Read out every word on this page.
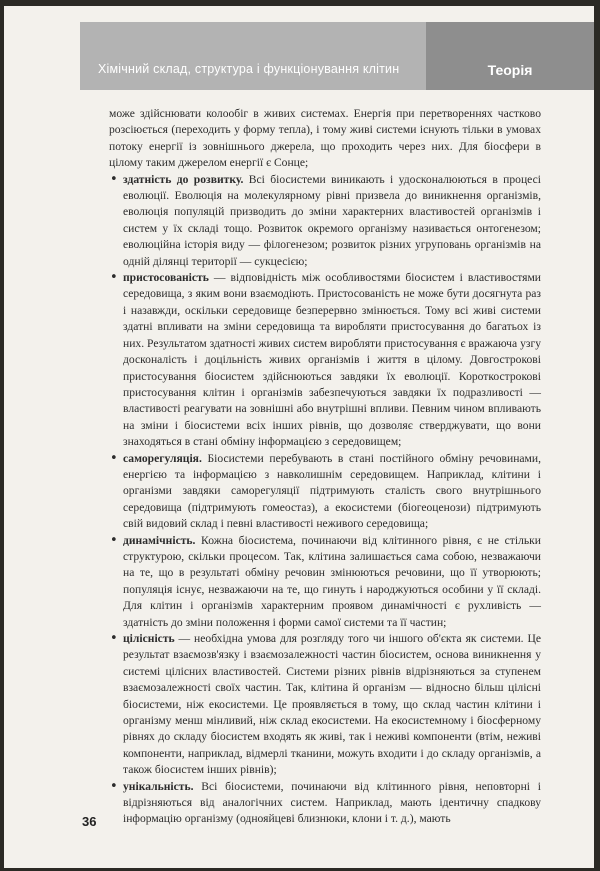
Хімічний склад, структура і функціонування клітин	Теорія

може здійснювати колообіг в живих системах. Енергія при перетвореннях частково розсіюється (переходить у форму тепла), і тому живі системи існують тільки в умовах потоку енергії із зовнішнього джерела, що проходить через них. Для біосфери в цілому таким джерелом енергії є Сонце;

• здатність до розвитку. Всі біосистеми виникають і удосконалюються в процесі еволюції. Еволюція на молекулярному рівні призвела до виникнення організмів, еволюція популяцій призводить до зміни характерних властивостей організмів і систем у їх складі тощо. Розвиток окремого організму називається онтогенезом; еволюційна історія виду — філогенезом; розвиток різних угруповань організмів на одній ділянці території — сукцесією;
• пристосованість — відповідність між особливостями біосистем і властивостями середовища, з яким вони взаємодіють. Пристосованість не може бути досягнута раз і назавжди, оскільки середовище безперервно змінюється. Тому всі живі системи здатні впливати на зміни середовища та виробляти пристосування до багатьох із них. Результатом здатності живих систем виробляти пристосування є вражаюча узгу досконалість і доцільність живих організмів і життя в цілому. Довгостроковi пристосування біосистем здійснюються завдяки їх еволюції. Короткострокові пристосування клітин і організмів забезпечуються завдяки їх подразливості — властивості реагувати на зовнішні або внутрішні впливи. Певним чином впливають на зміни і біосистеми всіх інших рівнів, що дозволяє стверджувати, що вони знаходяться в стані обміну інформацією з середовищем;
• саморегуляція. Біосистеми перебувають в стані постійного обміну речовинами, енергією та інформацією з навколишнім середовищем. Наприклад, клітини і організми завдяки саморегуляції підтримують сталість свого внутрішнього середовища (підтримують гомеостаз), а екосистеми (біогеоценози) підтримують свій видовий склад і певні властивості неживого середовища;
• динамічність. Кожна біосистема, починаючи від клітинного рівня, є не стільки структурою, скільки процесом. Так, клітина залишається сама собою, незважаючи на те, що в результаті обміну речовин змінюються речовини, що її утворюють; популяція існує, незважаючи на те, що гинуть і народжуються особини у її складі. Для клітин і організмів характерним проявом динамічності є рухливість — здатність до зміни положення і форми самої системи та її частин;
• цілісність — необхідна умова для розгляду того чи іншого об'єкта як системи. Це результат взаємозв'язку і взаємозалежності частин біосистем, основа виникнення у системі цілісних властивостей. Системи різних рівнів відрізняються за ступенем взаємозалежності своїх частин. Так, клітина й організм — відносно більш цілісні біосистеми, ніж екосистеми. Це проявляється в тому, що склад частин клітини і організму менш мінливий, ніж склад екосистеми. На екосистемному і біосферному рівнях до складу біосистем входять як живі, так і неживі компоненти (втім, неживі компоненти, наприклад, відмерлі тканини, можуть входити і до складу організмів, а також біосистем інших рівнів);
• унікальність. Всі біосистеми, починаючи від клітинного рівня, неповторні і відрізняються від аналогічних систем. Наприклад, мають ідентичну спадкову інформацію організму (однояйцеві близнюки, клони і т. д.), мають
36
